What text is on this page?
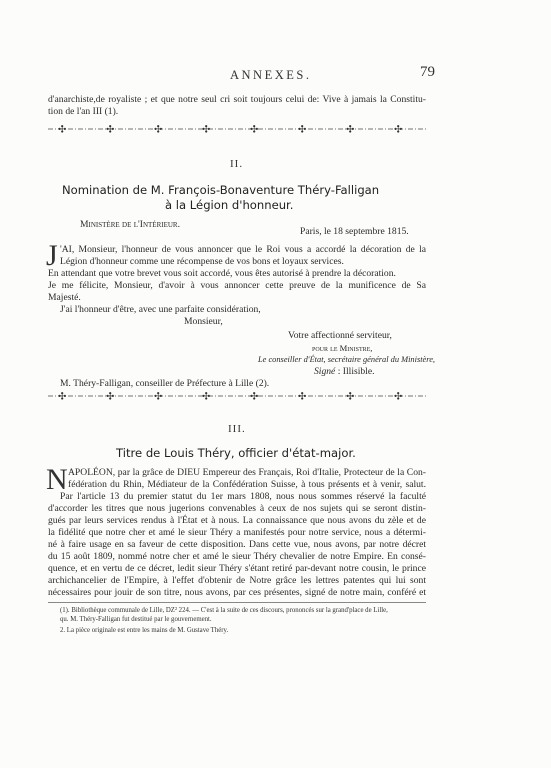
ANNEXES.	79

d'anarchiste,de royaliste ; et que notre seul cri soit toujours celui de: Vive à jamais la Constitu-

tion de l'an III (1).

✣	✣	✣	✣	✣	✣	✣	✣

II.

Nomination de M. François-Bonaventure Théry-Falligan

à la Légion d'honneur.

Ministère de l'Intérieur.

Paris, le 18 septembre 1815.

J 'AI, Monsieur, l'honneur de vous annoncer que le Roi vous a accordé la décoration de la

Légion d'honneur comme une récompense de vos bons et loyaux services.

En attendant que votre brevet vous soit accordé, vous êtes autorisé à prendre la décoration.

Je me félicite, Monsieur, d'avoir à vous annoncer cette preuve de la munificence de Sa

Majesté.

J'ai l'honneur d'être, avec une parfaite considération,

Monsieur,

Votre affectionné serviteur,

pour le Ministre,

Le conseiller d'État, secrétaire général du Ministère,

Signé : Illisible.

M. Théry-Falligan, conseiller de Préfecture à Lille (2).

✣	✣	✣	✣	✣	✣	✣	✣

III.

Titre de Louis Théry, officier d'état-major.

N APOLÉON, par la grâce de DIEU Empereur des Français, Roi d'Italie, Protecteur de la Con-

fédération du Rhin, Médiateur de la Confédération Suisse, à tous présents et à venir, salut.

Par l'article 13 du premier statut du 1er mars 1808, nous nous sommes réservé la faculté

d'accorder les titres que nous jugerions convenables à ceux de nos sujets qui se seront distin-

gués par leurs services rendus à l'État et à nous. La connaissance que nous avons du zèle et de

la fidélité que notre cher et amé le sieur Théry a manifestés pour notre service, nous a détermi-

né à faire usage en sa faveur de cette disposition. Dans cette vue, nous avons, par notre décret

du 15 août 1809, nommé notre cher et amé le sieur Théry chevalier de notre Empire. En consé-

quence, et en vertu de ce décret, ledit sieur Théry s'étant retiré par-devant notre cousin, le prince

archichancelier de l'Empire, à l'effet d'obtenir de Notre grâce les lettres patentes qui lui sont

nécessaires pour jouir de son titre, nous avons, par ces présentes, signé de notre main, conféré et

(1). Bibliothèque communale de Lille, DZ² 224. — C'est à la suite de ces discours, prononcés sur la grand'place de Lille,

qu. M. Théry-Falligan fut destitué par le gouvernement.

2. La pièce originale est entre les mains de M. Gustave Théry.
